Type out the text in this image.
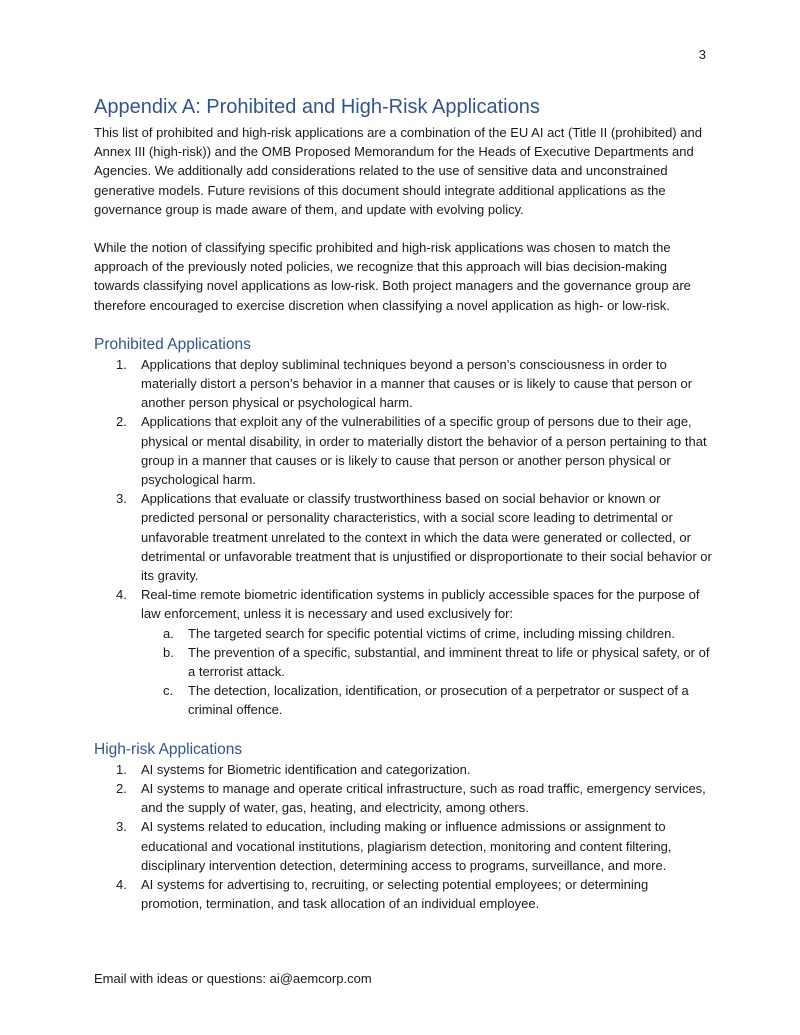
3
Appendix A: Prohibited and High-Risk Applications

This list of prohibited and high-risk applications are a combination of the EU AI act (Title II (prohibited) and Annex III (high-risk)) and the OMB Proposed Memorandum for the Heads of Executive Departments and Agencies. We additionally add considerations related to the use of sensitive data and unconstrained generative models. Future revisions of this document should integrate additional applications as the governance group is made aware of them, and update with evolving policy.

While the notion of classifying specific prohibited and high-risk applications was chosen to match the approach of the previously noted policies, we recognize that this approach will bias decision-making towards classifying novel applications as low-risk. Both project managers and the governance group are therefore encouraged to exercise discretion when classifying a novel application as high- or low-risk.

Prohibited Applications
1. Applications that deploy subliminal techniques beyond a person’s consciousness in order to materially distort a person’s behavior in a manner that causes or is likely to cause that person or another person physical or psychological harm.
2. Applications that exploit any of the vulnerabilities of a specific group of persons due to their age, physical or mental disability, in order to materially distort the behavior of a person pertaining to that group in a manner that causes or is likely to cause that person or another person physical or psychological harm.
3. Applications that evaluate or classify trustworthiness based on social behavior or known or predicted personal or personality characteristics, with a social score leading to detrimental or unfavorable treatment unrelated to the context in which the data were generated or collected, or detrimental or unfavorable treatment that is unjustified or disproportionate to their social behavior or its gravity.
4. Real-time remote biometric identification systems in publicly accessible spaces for the purpose of law enforcement, unless it is necessary and used exclusively for:
a. The targeted search for specific potential victims of crime, including missing children.
b. The prevention of a specific, substantial, and imminent threat to life or physical safety, or of a terrorist attack.
c. The detection, localization, identification, or prosecution of a perpetrator or suspect of a criminal offence.
High-risk Applications
1. AI systems for Biometric identification and categorization.
2. AI systems to manage and operate critical infrastructure, such as road traffic, emergency services, and the supply of water, gas, heating, and electricity, among others.
3. AI systems related to education, including making or influence admissions or assignment to educational and vocational institutions, plagiarism detection, monitoring and content filtering, disciplinary intervention detection, determining access to programs, surveillance, and more.
4. AI systems for advertising to, recruiting, or selecting potential employees; or determining promotion, termination, and task allocation of an individual employee.
Email with ideas or questions: ai@aemcorp.com
